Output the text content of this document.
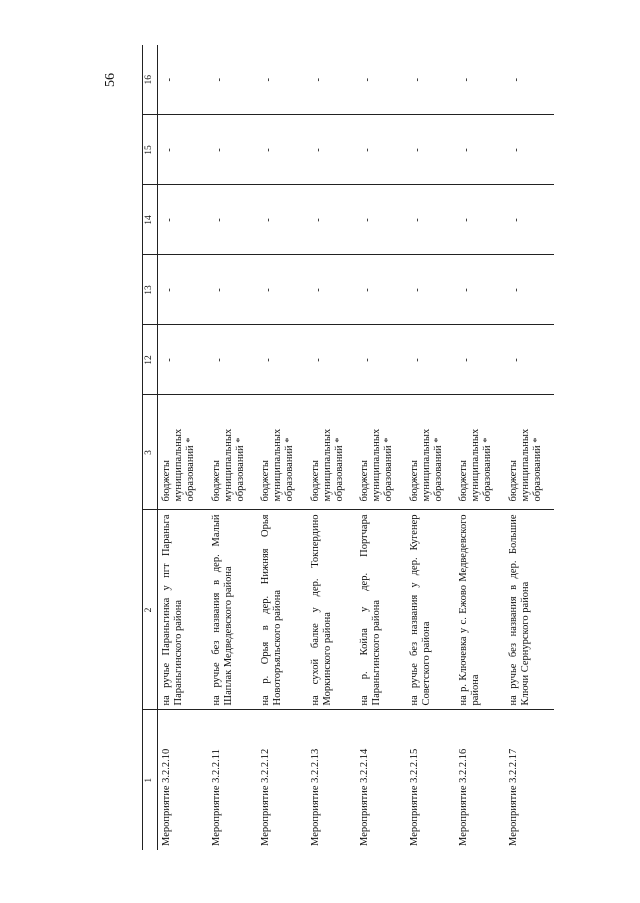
56
1	2	3	12	13	14	15	16
Мероприятие 3.2.2.10	на ручье Параньгинка у пгт Параньга Параньгинского района	бюджеты муниципальных образований *	-	-	-	-	-
Мероприятие 3.2.2.11	на ручье без названия в дер. Малый Шаплак Медведевского района	бюджеты муниципальных образований *	-	-	-	-	-
Мероприятие 3.2.2.12	на р. Орья в дер. Нижняя Орья Новоторъяльского района	бюджеты муниципальных образований *	-	-	-	-	-
Мероприятие 3.2.2.13	на сухой балке у дер. Токпердино Моркинского района	бюджеты муниципальных образований *	-	-	-	-	-
Мероприятие 3.2.2.14	на р. Койла у дер. Портчара Параньгинского района	бюджеты муниципальных образований *	-	-	-	-	-
Мероприятие 3.2.2.15	на ручье без названия у дер. Кугенер Советского района	бюджеты муниципальных образований *	-	-	-	-	-
Мероприятие 3.2.2.16	на р. Ключевка у с. Ежово Медведевского района	бюджеты муниципальных образований *	-	-	-	-	-
Мероприятие 3.2.2.17	на ручье без названия в дер. Большие Ключи Сернурского района	бюджеты муниципальных образований *	-	-	-	-	-
